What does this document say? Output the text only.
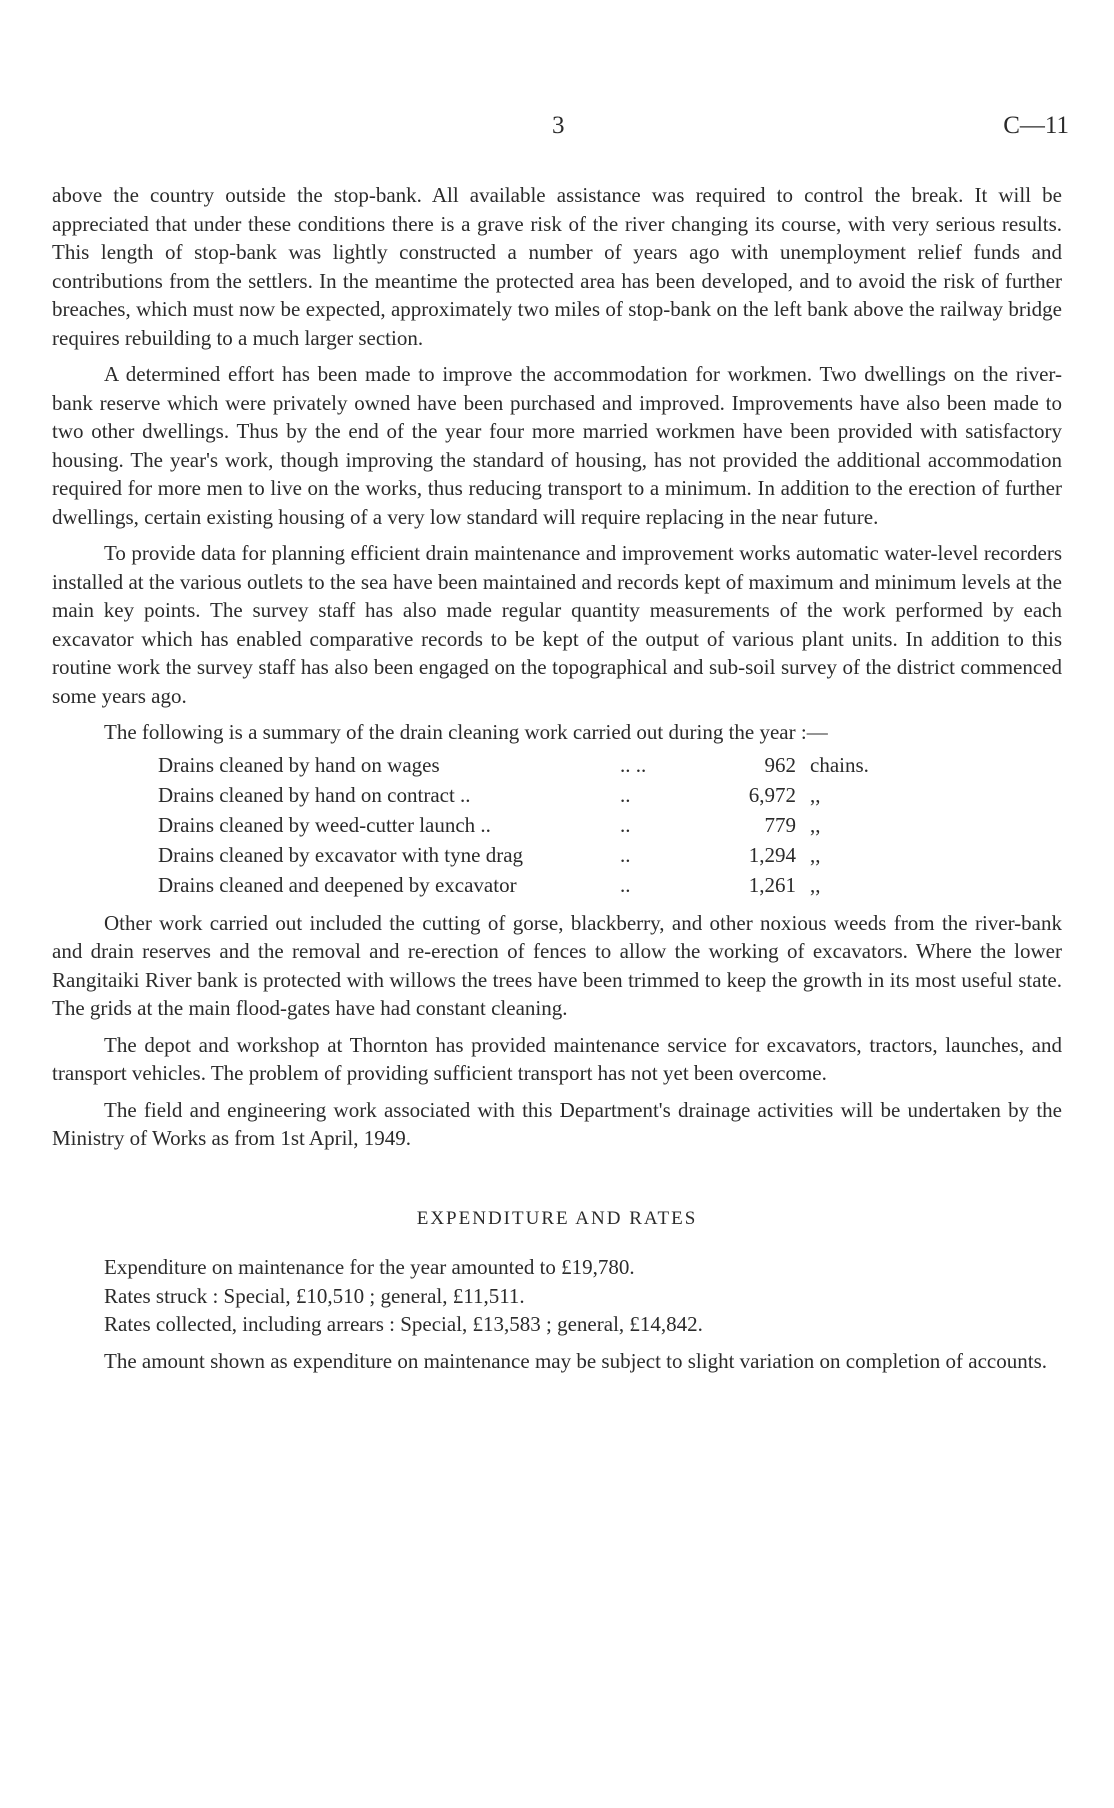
3	C—11

above the country outside the stop-bank. All available assistance was required to control the break. It will be appreciated that under these conditions there is a grave risk of the river changing its course, with very serious results. This length of stop-bank was lightly constructed a number of years ago with unemployment relief funds and contributions from the settlers. In the meantime the protected area has been developed, and to avoid the risk of further breaches, which must now be expected, approximately two miles of stop-bank on the left bank above the railway bridge requires rebuilding to a much larger section.

A determined effort has been made to improve the accommodation for workmen. Two dwellings on the river-bank reserve which were privately owned have been purchased and improved. Improvements have also been made to two other dwellings. Thus by the end of the year four more married workmen have been provided with satisfactory housing. The year's work, though improving the standard of housing, has not provided the additional accommodation required for more men to live on the works, thus reducing transport to a minimum. In addition to the erection of further dwellings, certain existing housing of a very low standard will require replacing in the near future.

To provide data for planning efficient drain maintenance and improvement works automatic water-level recorders installed at the various outlets to the sea have been maintained and records kept of maximum and minimum levels at the main key points. The survey staff has also made regular quantity measurements of the work performed by each excavator which has enabled comparative records to be kept of the output of various plant units. In addition to this routine work the survey staff has also been engaged on the topographical and sub-soil survey of the district commenced some years ago.

The following is a summary of the drain cleaning work carried out during the year :—

Drains cleaned by hand on wages	.. ..	962 chains.
Drains cleaned by hand on contract ..	..	6,972 ,,
Drains cleaned by weed-cutter launch ..	..	779 ,,
Drains cleaned by excavator with tyne drag	..	1,294 ,,
Drains cleaned and deepened by excavator	..	1,261 ,,

Other work carried out included the cutting of gorse, blackberry, and other noxious weeds from the river-bank and drain reserves and the removal and re-erection of fences to allow the working of excavators. Where the lower Rangitaiki River bank is protected with willows the trees have been trimmed to keep the growth in its most useful state. The grids at the main flood-gates have had constant cleaning.

The depot and workshop at Thornton has provided maintenance service for excavators, tractors, launches, and transport vehicles. The problem of providing sufficient transport has not yet been overcome.

The field and engineering work associated with this Department's drainage activities will be undertaken by the Ministry of Works as from 1st April, 1949.

EXPENDITURE AND RATES
Expenditure on maintenance for the year amounted to £19,780.
Rates struck : Special, £10,510 ; general, £11,511.
Rates collected, including arrears : Special, £13,583 ; general, £14,842.

The amount shown as expenditure on maintenance may be subject to slight variation on completion of accounts.
